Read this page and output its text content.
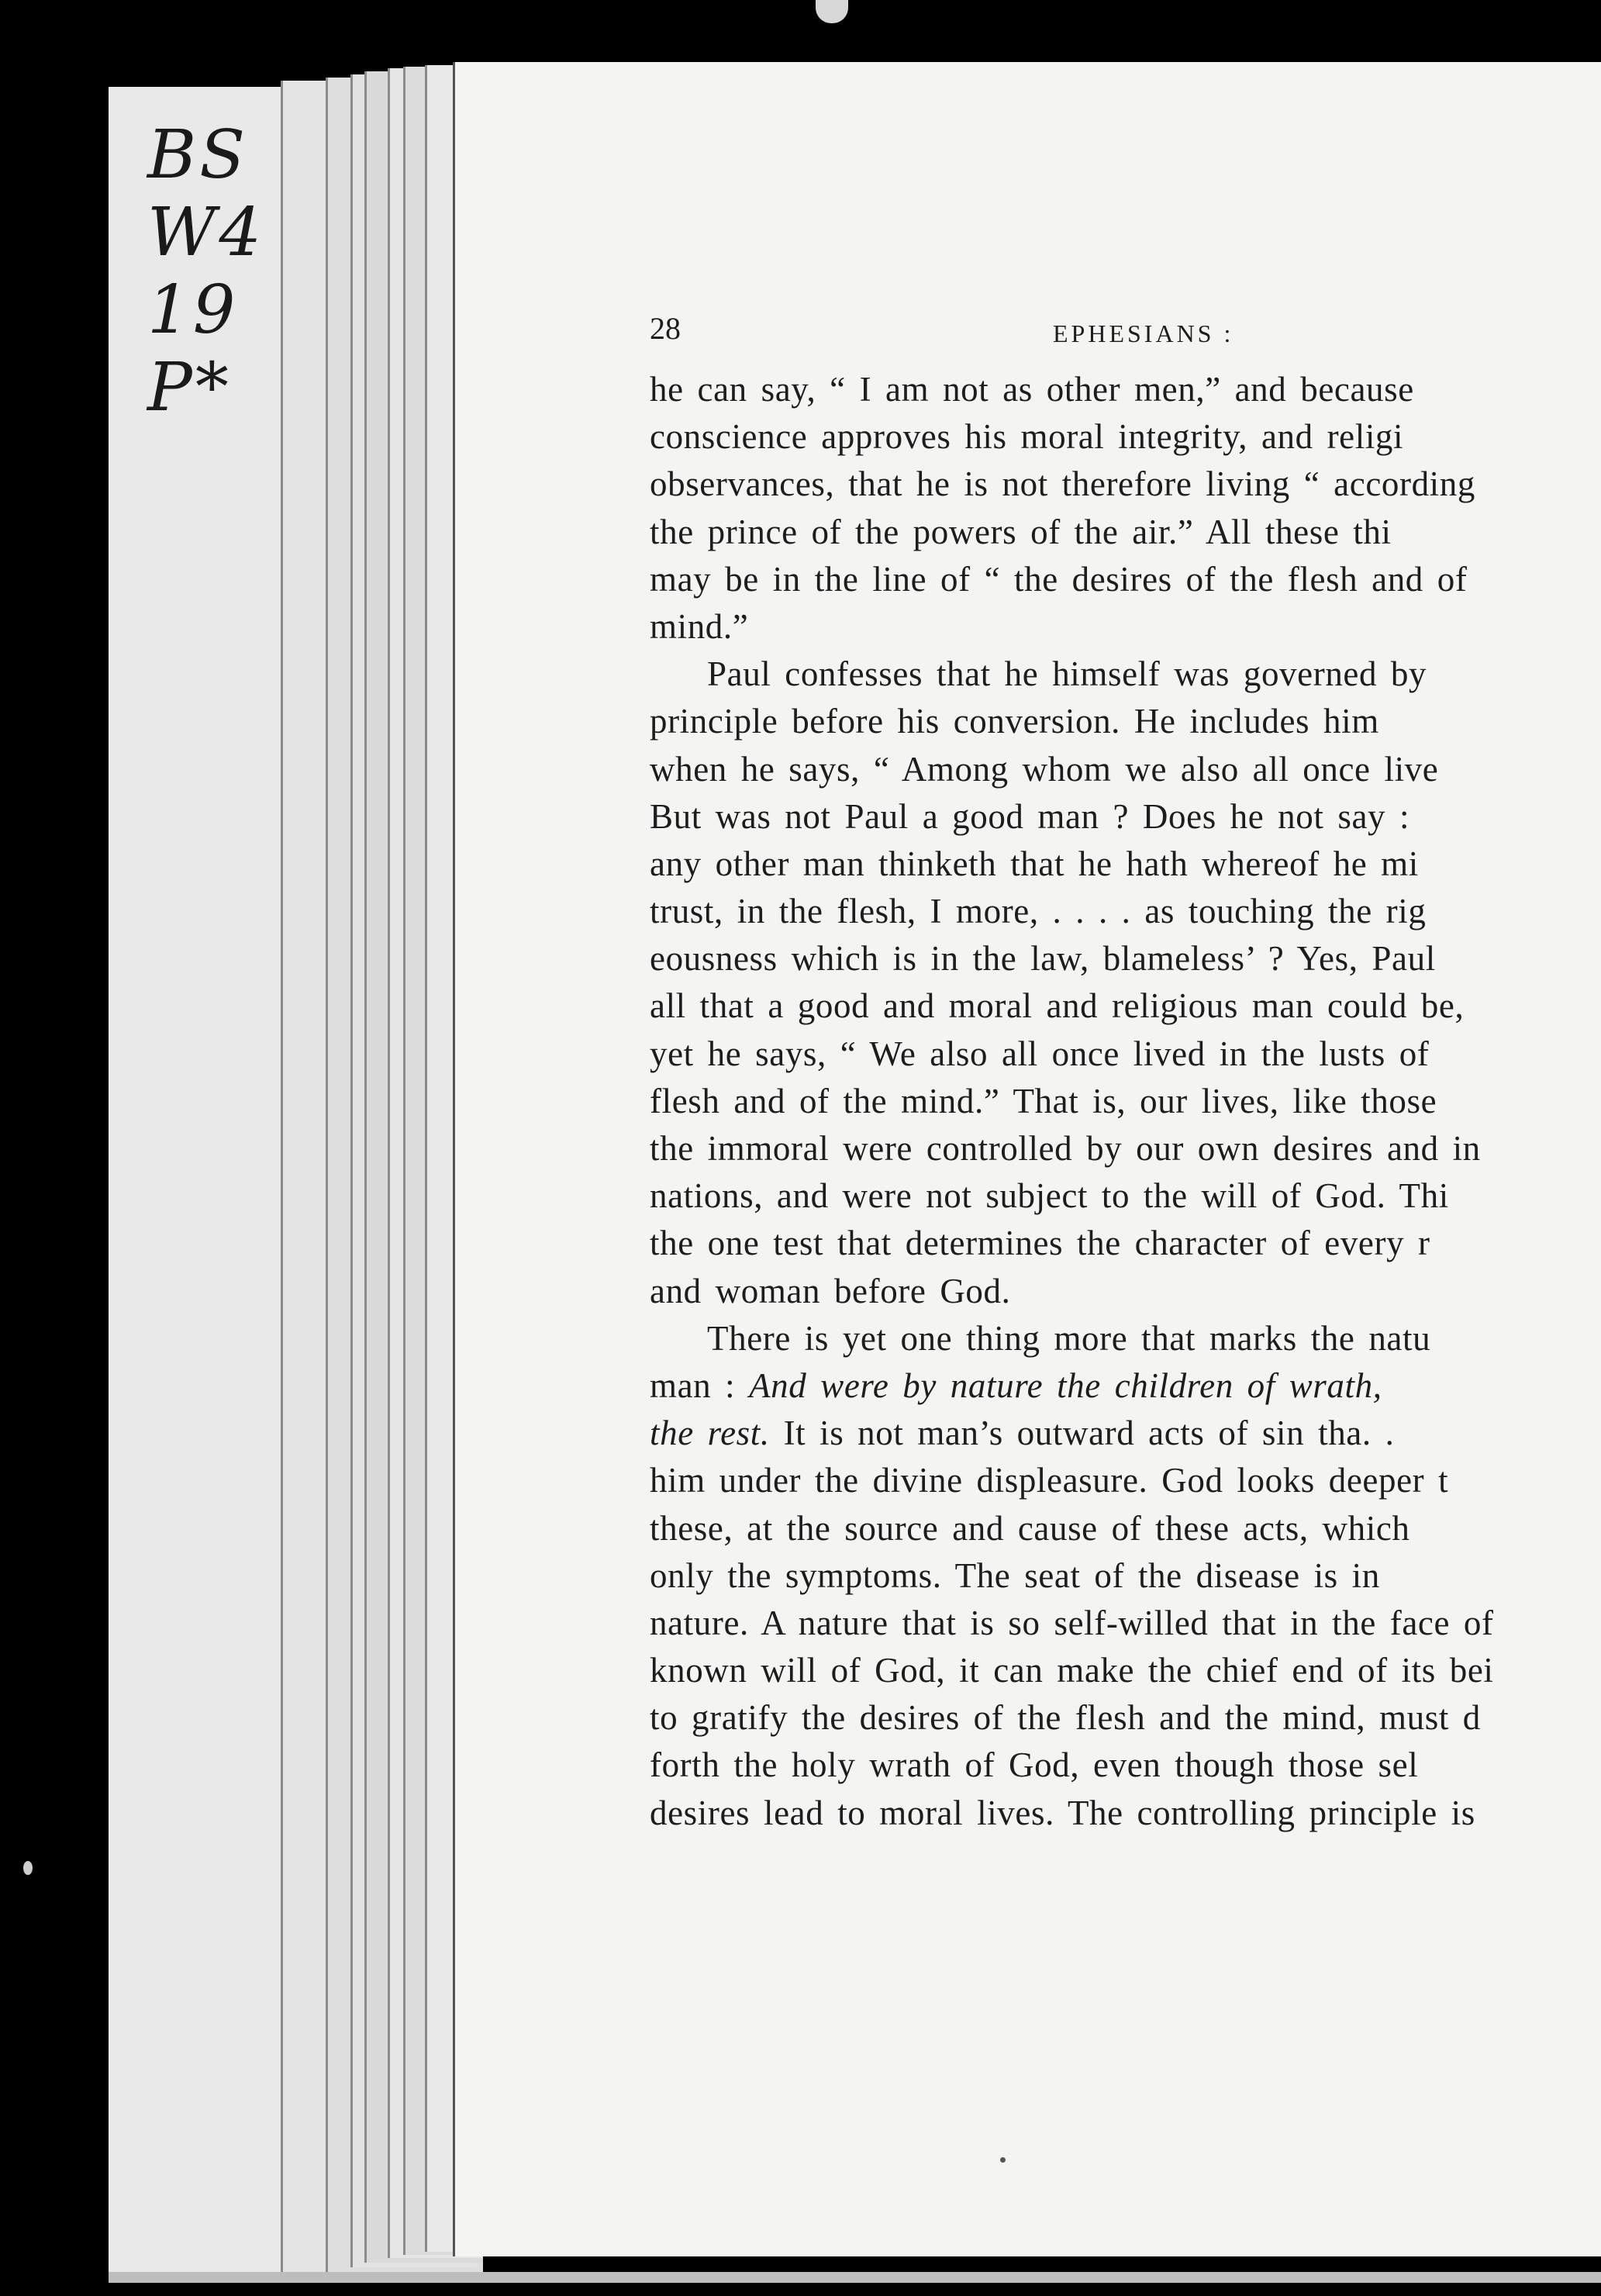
BS
W4
19
P*
28	EPHESIANS :
he can say, “ I am not as other men,” and because
conscience approves his moral integrity, and religi
observances, that he is not therefore living “ according
the prince of the powers of the air.” All these thi
may be in the line of “ the desires of the flesh and of
mind.”
Paul confesses that he himself was governed by
principle before his conversion. He includes him
when he says, “ Among whom we also all once live
But was not Paul a good man ? Does he not say :
any other man thinketh that he hath whereof he mi
trust, in the flesh, I more, . . . . as touching the rig
eousness which is in the law, blameless’ ? Yes, Paul
all that a good and moral and religious man could be,
yet he says, “ We also all once lived in the lusts of
flesh and of the mind.” That is, our lives, like those
the immoral were controlled by our own desires and in
nations, and were not subject to the will of God. Thi
the one test that determines the character of every r
and woman before God.
There is yet one thing more that marks the natu
man : And were by nature the children of wrath,
the rest. It is not man’s outward acts of sin tha. .
him under the divine displeasure. God looks deeper t
these, at the source and cause of these acts, which
only the symptoms. The seat of the disease is in
nature. A nature that is so self-willed that in the face of
known will of God, it can make the chief end of its bei
to gratify the desires of the flesh and the mind, must d
forth the holy wrath of God, even though those sel
desires lead to moral lives. The controlling principle is
